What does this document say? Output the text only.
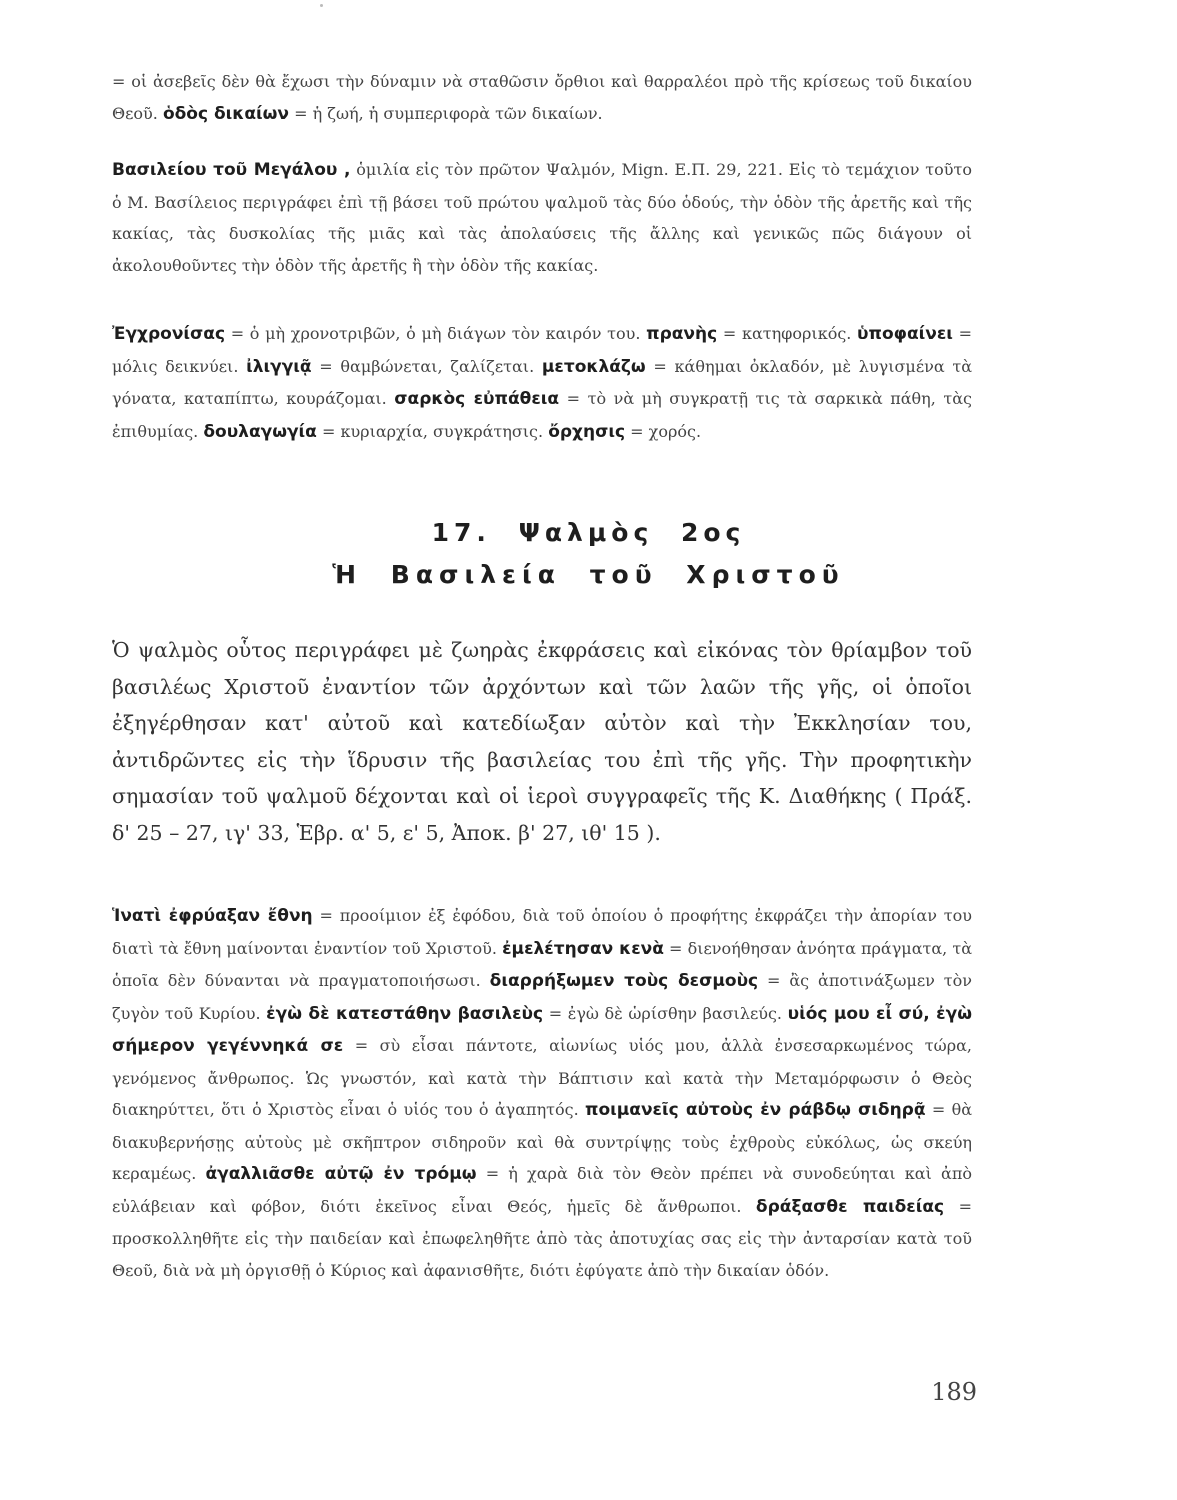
= οἱ ἀσεβεῖς δὲν θὰ ἔχωσι τὴν δύναμιν νὰ σταθῶσιν ὄρθιοι καὶ θαρραλέοι πρὸ τῆς κρίσεως τοῦ δικαίου Θεοῦ. ὁδὸς δικαίων = ἡ ζωή, ἡ συμπεριφορὰ τῶν δικαίων.

Βασιλείου τοῦ Μεγάλου , ὁμιλία εἰς τὸν πρῶτον Ψαλμόν, Mign. Ε.Π. 29, 221. Εἰς τὸ τεμάχιον τοῦτο ὁ Μ. Βασίλειος περιγράφει ἐπὶ τῇ βάσει τοῦ πρώτου ψαλμοῦ τὰς δύο ὁδούς, τὴν ὁδὸν τῆς ἀρετῆς καὶ τῆς κακίας, τὰς δυσκολίας τῆς μιᾶς καὶ τὰς ἀπολαύσεις τῆς ἄλλης καὶ γενικῶς πῶς διάγουν οἱ ἀκολουθοῦντες τὴν ὁδὸν τῆς ἀρετῆς ἢ τὴν ὁδὸν τῆς κακίας.

Ἐγχρονίσας = ὁ μὴ χρονοτριβῶν, ὁ μὴ διάγων τὸν καιρόν του. πρανὴς = κατηφορικός. ὑποφαίνει = μόλις δεικνύει. ἰλιγγιᾷ = θαμβώνεται, ζαλίζεται. μετοκλάζω = κάθημαι ὀκλαδόν, μὲ λυγισμένα τὰ γόνατα, καταπίπτω, κουράζομαι. σαρκὸς εὐπάθεια = τὸ νὰ μὴ συγκρατῇ τις τὰ σαρκικὰ πάθη, τὰς ἐπιθυμίας. δουλαγωγία = κυριαρχία, συγκράτησις. ὄρχησις = χορός.

17. Ψαλμὸς 2ος
Ἡ Βασιλεία τοῦ Χριστοῦ

Ὁ ψαλμὸς οὗτος περιγράφει μὲ ζωηρὰς ἐκφράσεις καὶ εἰκόνας τὸν θρίαμβον τοῦ βασιλέως Χριστοῦ ἐναντίον τῶν ἀρχόντων καὶ τῶν λαῶν τῆς γῆς, οἱ ὁποῖοι ἐξηγέρθησαν κατ' αὐτοῦ καὶ κατεδίωξαν αὐτὸν καὶ τὴν Ἐκκλησίαν του, ἀντιδρῶντες εἰς τὴν ἵδρυσιν τῆς βασιλείας του ἐπὶ τῆς γῆς. Τὴν προφητικὴν σημασίαν τοῦ ψαλμοῦ δέχονται καὶ οἱ ἱεροὶ συγγραφεῖς τῆς Κ. Διαθήκης ( Πράξ. δ' 25 – 27, ιγ' 33, Ἑβρ. α' 5, ε' 5, Ἀποκ. β' 27, ιθ' 15 ).

Ἱνατὶ ἐφρύαξαν ἔθνη = προοίμιον ἐξ ἐφόδου, διὰ τοῦ ὁποίου ὁ προφήτης ἐκφράζει τὴν ἀπορίαν του διατὶ τὰ ἔθνη μαίνονται ἐναντίον τοῦ Χριστοῦ. ἐμελέτησαν κενὰ = διενοήθησαν ἀνόητα πράγματα, τὰ ὁποῖα δὲν δύνανται νὰ πραγματοποιήσωσι. διαρρήξωμεν τοὺς δεσμοὺς = ἂς ἀποτινάξωμεν τὸν ζυγὸν τοῦ Κυρίου. ἐγὼ δὲ κατεστάθην βασιλεὺς = ἐγὼ δὲ ὡρίσθην βασιλεύς. υἱός μου εἶ σύ, ἐγὼ σήμερον γεγέννηκά σε = σὺ εἶσαι πάντοτε, αἰωνίως υἱός μου, ἀλλὰ ἐνσεσαρκωμένος τώρα, γενόμενος ἄνθρωπος. Ὡς γνωστόν, καὶ κατὰ τὴν Βάπτισιν καὶ κατὰ τὴν Μεταμόρφωσιν ὁ Θεὸς διακηρύττει, ὅτι ὁ Χριστὸς εἶναι ὁ υἱός του ὁ ἀγαπητός. ποιμανεῖς αὐτοὺς ἐν ράβδῳ σιδηρᾷ = θὰ διακυβερνήσῃς αὐτοὺς μὲ σκῆπτρον σιδηροῦν καὶ θὰ συντρίψῃς τοὺς ἐχθροὺς εὐκόλως, ὡς σκεύη κεραμέως. ἀγαλλιᾶσθε αὐτῷ ἐν τρόμῳ = ἡ χαρὰ διὰ τὸν Θεὸν πρέπει νὰ συνοδεύηται καὶ ἀπὸ εὐλάβειαν καὶ φόβον, διότι ἐκεῖνος εἶναι Θεός, ἡμεῖς δὲ ἄνθρωποι. δράξασθε παιδείας = προσκολληθῆτε εἰς τὴν παιδείαν καὶ ἐπωφεληθῆτε ἀπὸ τὰς ἀποτυχίας σας εἰς τὴν ἀνταρσίαν κατὰ τοῦ Θεοῦ, διὰ νὰ μὴ ὀργισθῇ ὁ Κύριος καὶ ἀφανισθῆτε, διότι ἐφύγατε ἀπὸ τὴν δικαίαν ὁδόν.

189
